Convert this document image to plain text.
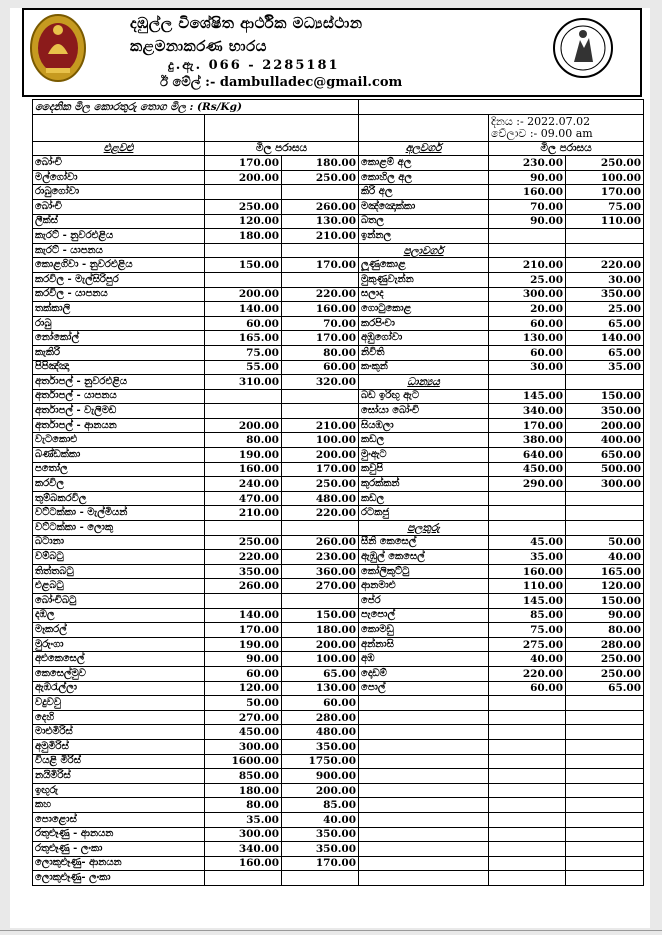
දඹුල්ල විශේෂිත ආර්ථික මධ්‍යස්ථාන
කළමනාකරණ භාරය
දු.ඇ. 066 - 2285181
ඊ මේල් :- dambulladec@gmail.com
දෛනික මිල කොරතුරු තොග මිල : (Rs/Kg)					

				දිනය :- 2022.07.02
වේලාව :- 09.00 am	

එළවළු	මිල පරාසය		අලවර්ග	මිල පරාසය	
බෝංචි	170.00	180.00	කොළම් අල	230.00	250.00
මල්ගෝවා	200.00	250.00	කොහිල අල	90.00	100.00
රාබුගෝවා			කිරි අල	160.00	170.00
බෝංචි	250.00	260.00	මඤ්ඤොක්කා	70.00	75.00
ලීක්ස්	120.00	130.00	බතල	90.00	110.00
කැරට් - නුවරඑළිය	180.00	210.00	ඉන්නල		
කැරට් - යාපනය			පලාවර්ග		
කොළගිවා - නුවරඑළිය	150.00	170.00	ලූණුකොළ	210.00	220.00
කරවිල - මැල්සිරිපුර			මුකුණුවැන්න	25.00	30.00
කරවිල - යාපනය	200.00	220.00	සලාද	300.00	350.00
තක්කාලි	140.00	160.00	ගොටුකොළ	20.00	25.00
රාබු	60.00	70.00	කරපිංචා	60.00	65.00
නෝකෝල්	165.00	170.00	අඹුගෝවා	130.00	140.00
කැකිරි	75.00	80.00	නිවිති	60.00	65.00
පිපිඤ්ඤා	55.00	60.00	කංකුන්	30.00	35.00
අර්තාපල් - නුවරඑළිය	310.00	320.00	ධාන්‍යය		
අර්තාපල් - යාපනය			බඩ ඉරිඟු ඇට	145.00	150.00
අර්තාපල් - වැලිමඩ			සෝයා බෝංචි	340.00	350.00
අර්තාපල් - ආනයන	200.00	210.00	සියඹලා	170.00	200.00
වැටකොළු	80.00	100.00	කඩල	380.00	400.00
බණ්ඩක්කා	190.00	200.00	මුංඇට	640.00	650.00
පතෝල	160.00	170.00	කවුපි	450.00	500.00
කරවිල	240.00	250.00	කුරක්කන්	290.00	300.00
තුම්බකරවිල	470.00	480.00	කඩල		
වට්ටක්කා - මැල්මියන්	210.00	220.00	රටකජු		
වට්ටක්කා - ලොකු			පලතුරු		
බටානා	250.00	260.00	සීනි කෙසෙල්	45.00	50.00
වම්බටු	220.00	230.00	ඇඹුල් කෙසෙල්	35.00	40.00
තිත්තබටු	350.00	360.00	කෝලිකුට්ටු	160.00	165.00
එළබටු	260.00	270.00	ආනමාළු	110.00	120.00
බෝංචිබටු			පේර	145.00	150.00
දඹල	140.00	150.00	පැපොල්	85.00	90.00
මෑකරල්	170.00	180.00	කොමඩු	75.00	80.00
මුරුංගා	190.00	200.00	අන්නාසි	275.00	280.00
අළුකෙසෙල්	90.00	100.00	අඹ	40.00	250.00
කෙසෙල්මුව	60.00	65.00	දොඩම්	220.00	250.00
ඇඹරැල්ලා	120.00	130.00	පොල්	60.00	65.00
වදුවවු	50.00	60.00			
දෙහි	270.00	280.00			
මාළුමිරිස්	450.00	480.00			
අමුමිරිස්	300.00	350.00			
වියළි මිරිස්	1600.00	1750.00			
නයිමිරිස්	850.00	900.00			
ඉඟුරු	180.00	200.00			
කහ	80.00	85.00			
පොළොස්	35.00	40.00			
රතුළූණු - ආනයන	300.00	350.00			
රතුළූණු - ලංකා	340.00	350.00			
ලොකුළූණු- ආනයන	160.00	170.00			
ලොකුළූණු- ලංකා					
